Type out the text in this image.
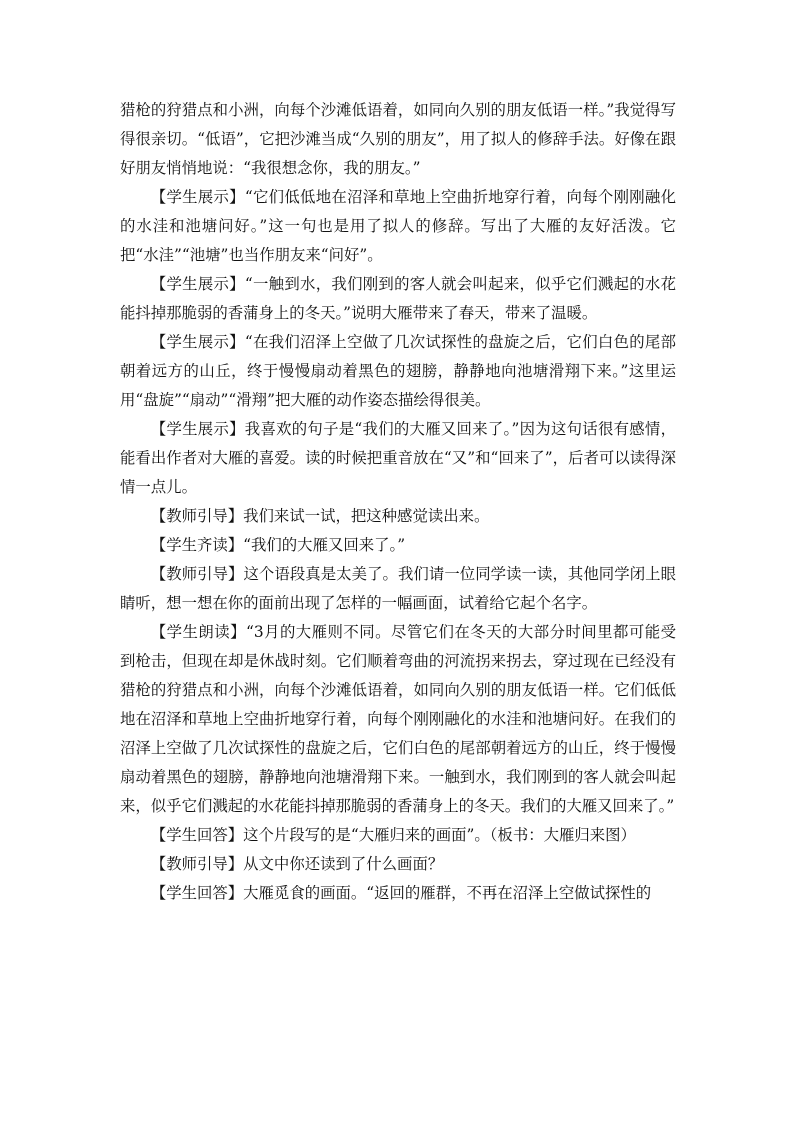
猎枪的狩猎点和小洲，向每个沙滩低语着，如同向久别的朋友低语一样。”我觉得写得很亲切。“低语”，它把沙滩当成“久别的朋友”，用了拟人的修辞手法。好像在跟好朋友悄悄地说：“我很想念你，我的朋友。”

【学生展示】“它们低低地在沼泽和草地上空曲折地穿行着，向每个刚刚融化的水洼和池塘问好。”这一句也是用了拟人的修辞。写出了大雁的友好活泼。它把“水洼”“池塘”也当作朋友来“问好”。

【学生展示】“一触到水，我们刚到的客人就会叫起来，似乎它们溅起的水花能抖掉那脆弱的香蒲身上的冬天。”说明大雁带来了春天，带来了温暖。

【学生展示】“在我们沼泽上空做了几次试探性的盘旋之后，它们白色的尾部朝着远方的山丘，终于慢慢扇动着黑色的翅膀，静静地向池塘滑翔下来。”这里运用“盘旋”“扇动”“滑翔”把大雁的动作姿态描绘得很美。

【学生展示】我喜欢的句子是“我们的大雁又回来了。”因为这句话很有感情，能看出作者对大雁的喜爱。读的时候把重音放在“又”和“回来了”，后者可以读得深情一点儿。

【教师引导】我们来试一试，把这种感觉读出来。

【学生齐读】“我们的大雁又回来了。”

【教师引导】这个语段真是太美了。我们请一位同学读一读，其他同学闭上眼睛听，想一想在你的面前出现了怎样的一幅画面，试着给它起个名字。

【学生朗读】“3月的大雁则不同。尽管它们在冬天的大部分时间里都可能受到枪击，但现在却是休战时刻。它们顺着弯曲的河流拐来拐去，穿过现在已经没有猎枪的狩猎点和小洲，向每个沙滩低语着，如同向久别的朋友低语一样。它们低低地在沼泽和草地上空曲折地穿行着，向每个刚刚融化的水洼和池塘问好。在我们的沼泽上空做了几次试探性的盘旋之后，它们白色的尾部朝着远方的山丘，终于慢慢扇动着黑色的翅膀，静静地向池塘滑翔下来。一触到水，我们刚到的客人就会叫起来，似乎它们溅起的水花能抖掉那脆弱的香蒲身上的冬天。我们的大雁又回来了。”

【学生回答】这个片段写的是“大雁归来的画面”。（板书：大雁归来图）

【教师引导】从文中你还读到了什么画面？

【学生回答】大雁觅食的画面。“返回的雁群，不再在沼泽上空做试探性的
